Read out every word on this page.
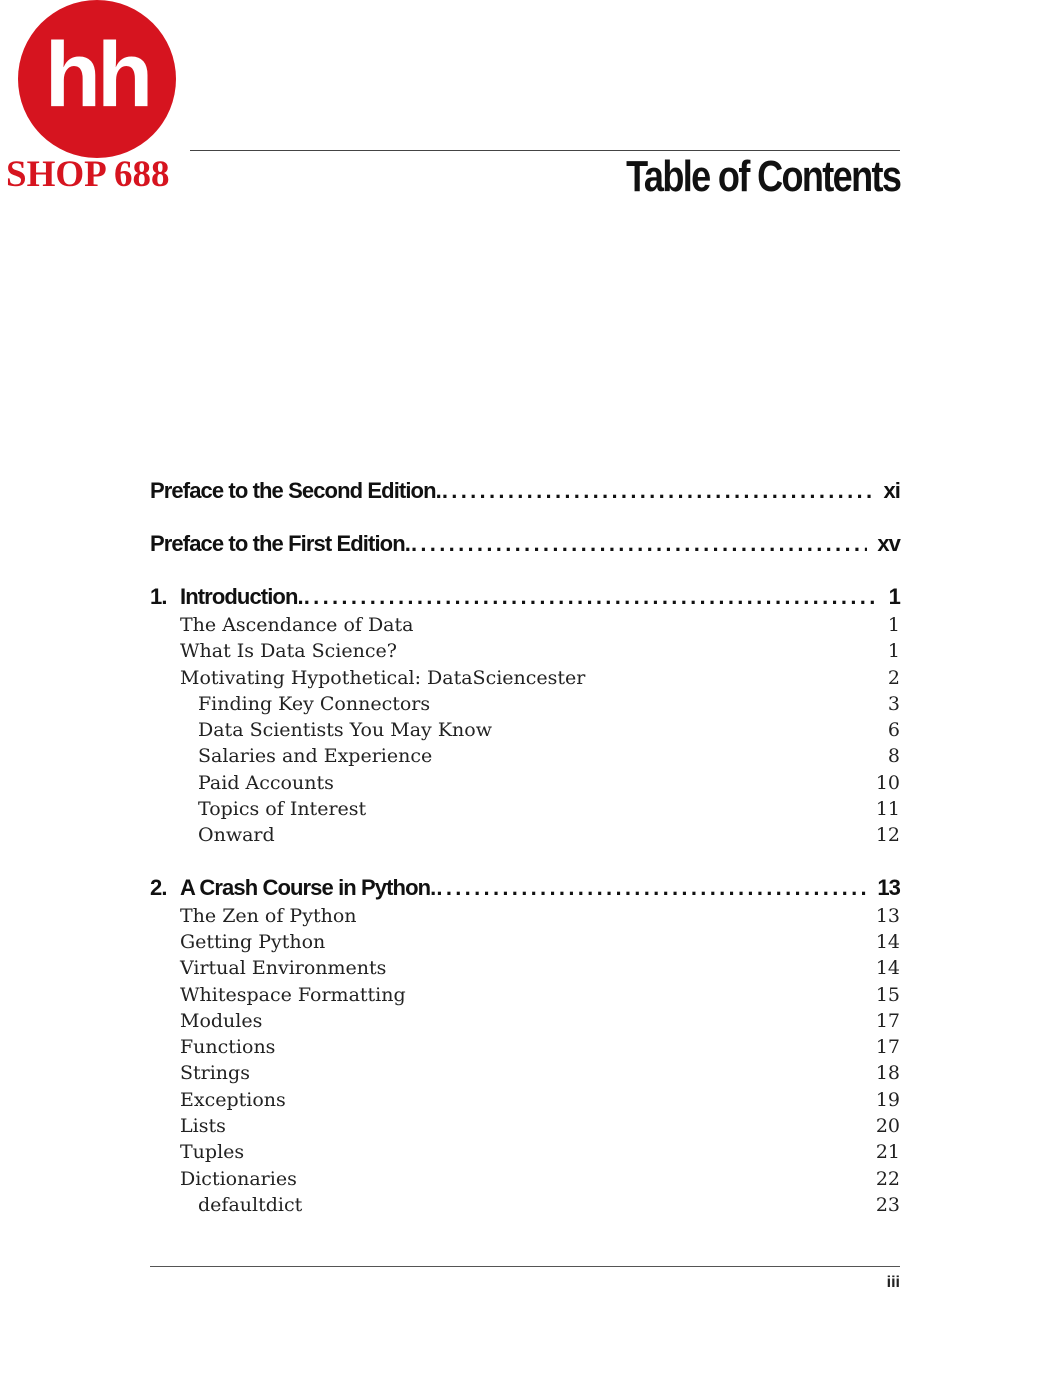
hh
SHOP 688	Table of Contents
Preface to the Second Edition. . . .	xi
Preface to the First Edition. . . .	xv
1. Introduction. . . .	1
The Ascendance of Data	1
What Is Data Science?	1
Motivating Hypothetical: DataSciencester	2
Finding Key Connectors	3
Data Scientists You May Know	6
Salaries and Experience	8
Paid Accounts	10
Topics of Interest	11
Onward	12
2. A Crash Course in Python. . . .	13
The Zen of Python	13
Getting Python	14
Virtual Environments	14
Whitespace Formatting	15
Modules	17
Functions	17
Strings	18
Exceptions	19
Lists	20
Tuples	21
Dictionaries	22
defaultdict	23
iii
